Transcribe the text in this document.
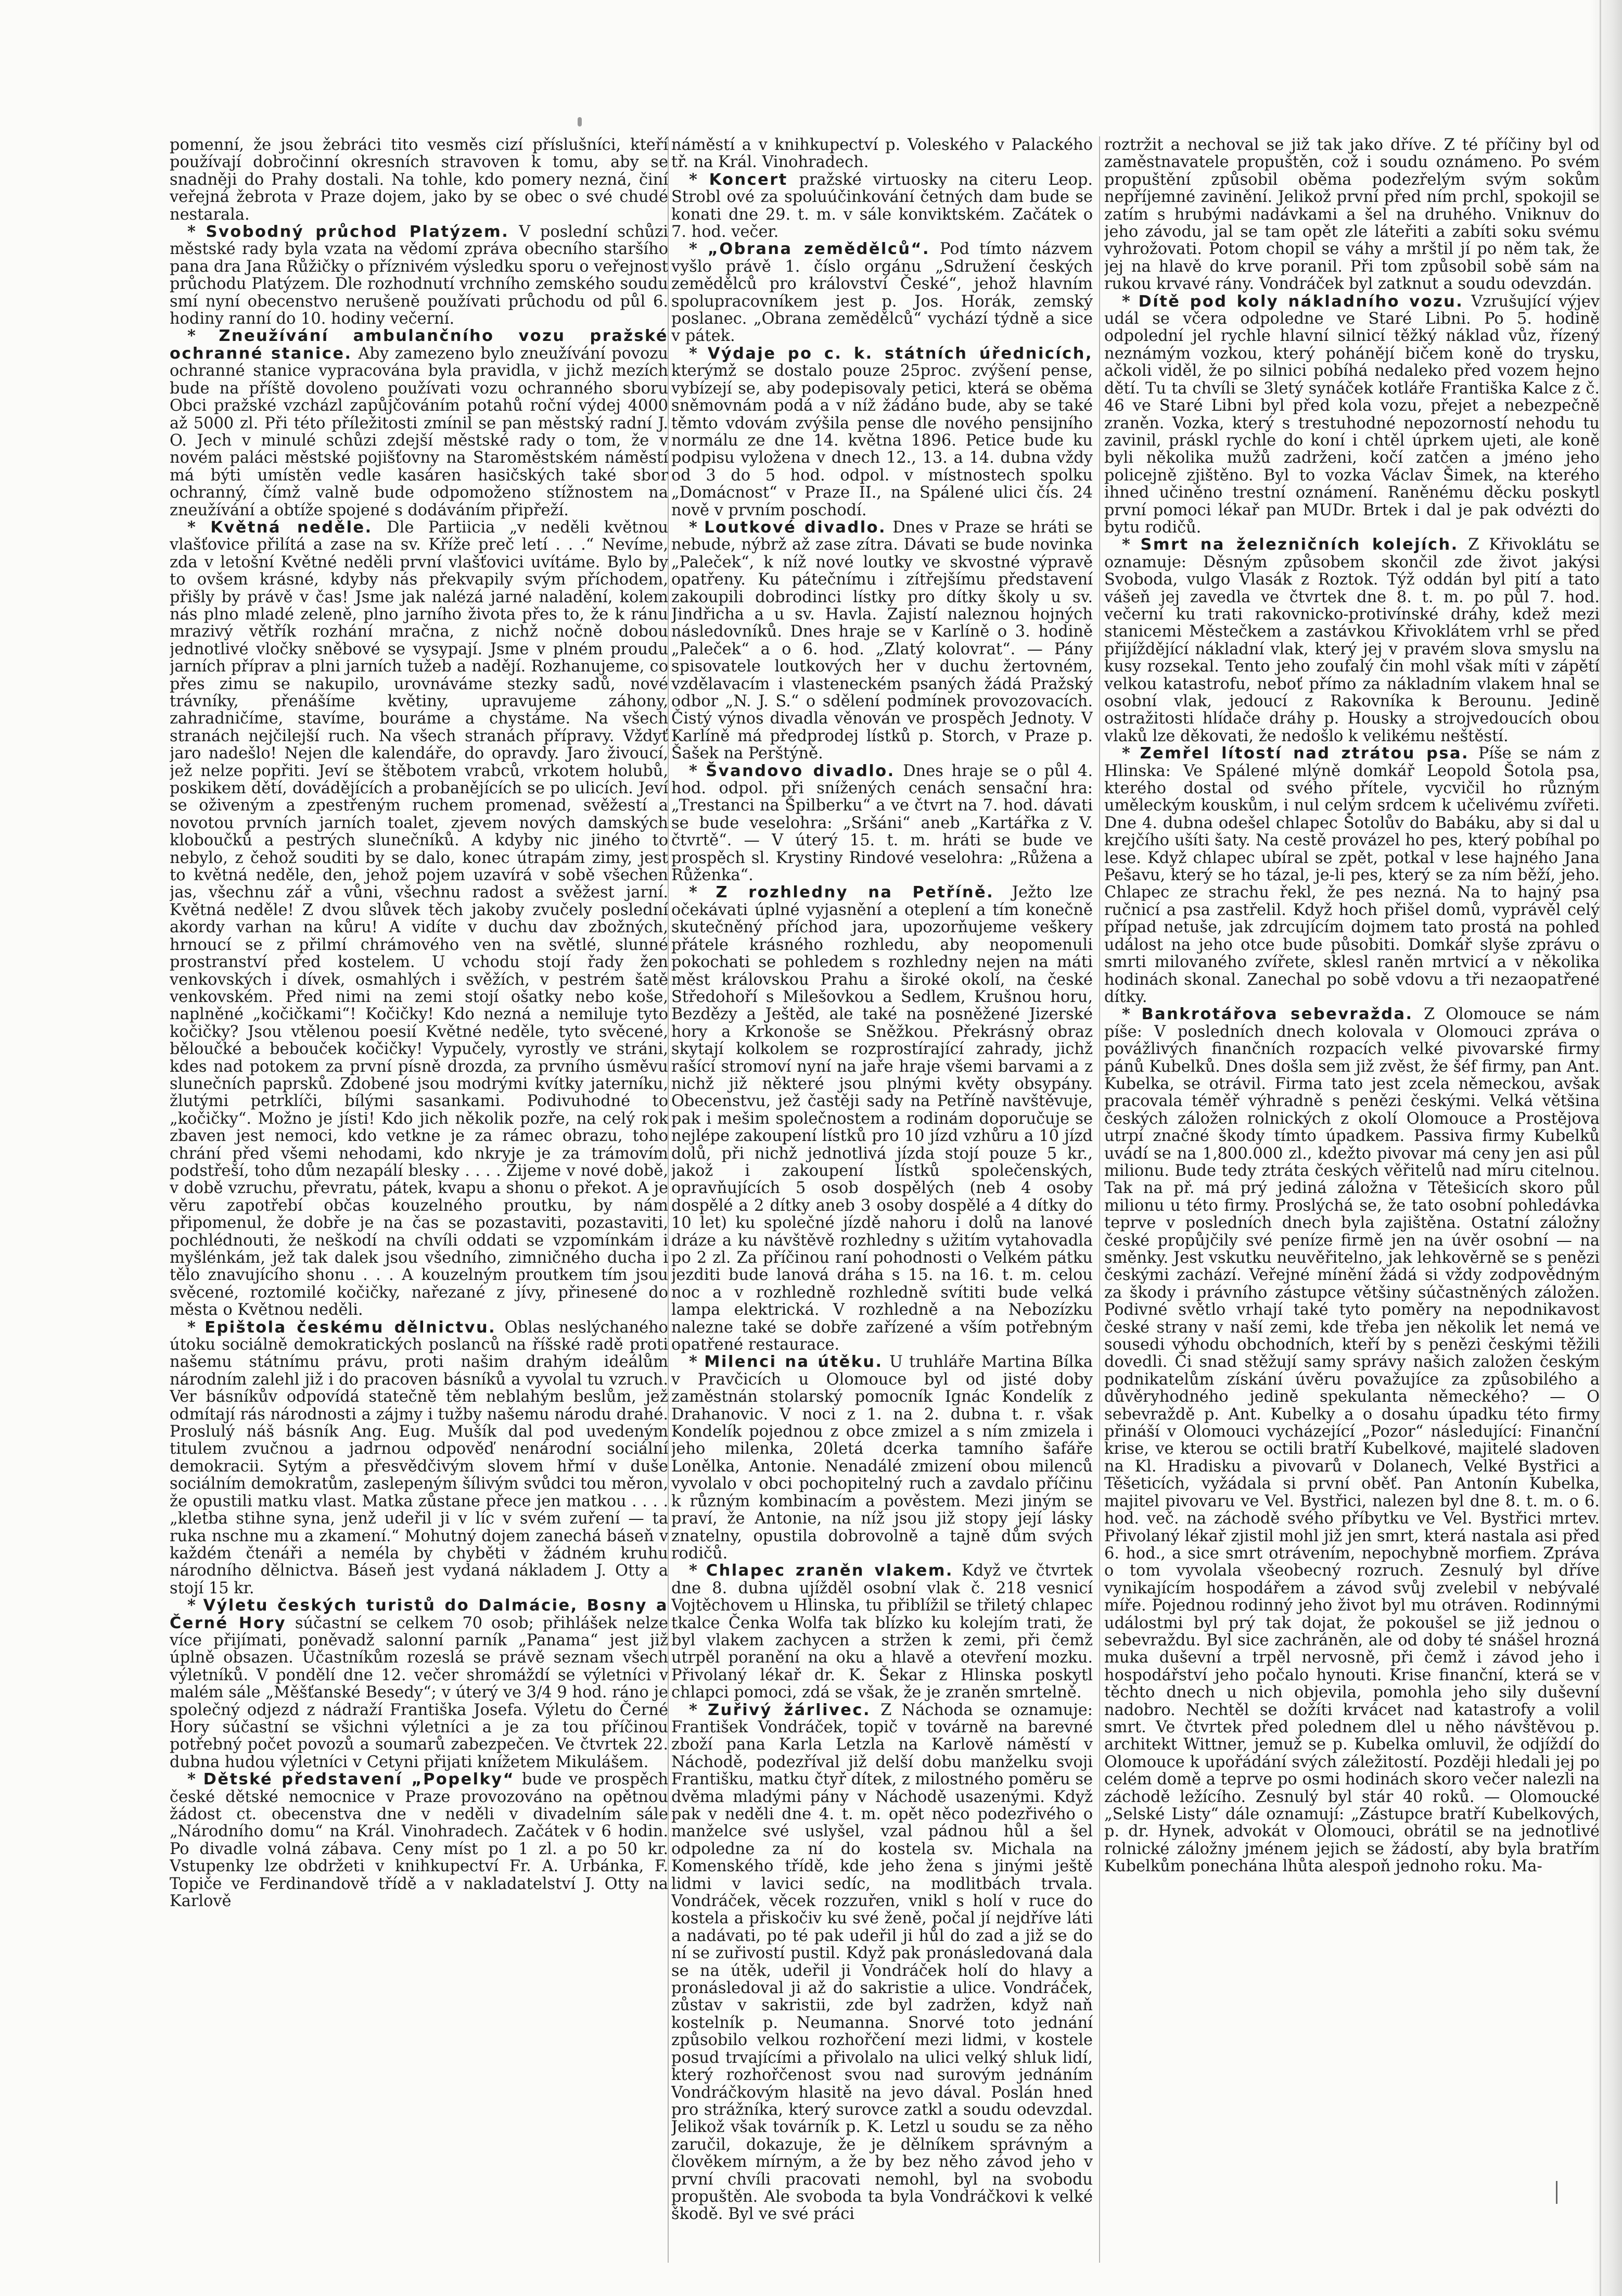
pomenní, že jsou žebráci tito vesměs cizí příslušníci, kteří používají dobročinní okresních stravoven k tomu, aby se snadněji do Prahy dostali. Na tohle, kdo pomery nezná, činí veřejná žebrota v Praze dojem, jako by se obec o své chudé nestarala.

* Svobodný průchod Platýzem. V poslední schůzi městské rady byla vzata na vědomí zpráva obecního staršího pana dra Jana Růžičky o příznivém výsledku sporu o veřejnost průchodu Platýzem. Dle rozhodnutí vrchního zemského soudu smí nyní obecenstvo nerušeně používati průchodu od půl 6. hodiny ranní do 10. hodiny večerní.

* Zneužívání ambulančního vozu pražské ochranné stanice. Aby zamezeno bylo zneužívání povozu ochranné stanice vypracována byla pravidla, v jichž mezích bude na příště dovoleno používati vozu ochranného sboru Obci pražské vzcházl zapůjčováním potahů roční výdej 4000 až 5000 zl. Při této příležitosti zmínil se pan městský radní J. O. Jech v minulé schůzi zdejší městské rady o tom, že v novém paláci městské pojišťovny na Staroměstském náměstí má býti umístěn vedle kasáren hasičských také sbor ochranný, čímž valně bude odpomoženo stížnostem na zneužívání a obtíže spojené s dodáváním připřeží.

* Květná neděle. Dle Partiicia „v neděli květnou vlašťovice přilítá a zase na sv. Kříže preč letí . . .“ Nevíme, zda v letošní Květné neděli první vlašťovici uvítáme. Bylo by to ovšem krásné, kdyby nás překvapily svým příchodem, přišly by právě v čas! Jsme jak nalézá jarné naladění, kolem nás plno mladé zeleně, plno jarního života přes to, že k ránu mrazivý větřík rozhání mračna, z nichž nočně dobou jednotlivé vločky sněbové se vysypají. Jsme v plném proudu jarních příprav a plni jarních tužeb a nadějí. Rozhanujeme, co přes zimu se nakupilo, urovnáváme stezky sadů, nové trávníky, přenášíme květiny, upravujeme záhony, zahradničíme, stavíme, bouráme a chystáme. Na všech stranách nejčilejší ruch. Na všech stranách přípravy. Vždyť jaro nadešlo! Nejen dle kalendáře, do opravdy. Jaro živoucí, jež nelze popřiti. Jeví se štěbotem vrabců, vrkotem holubů, poskikem dětí, dovádějících a probanějících se po ulicích. Jeví se oživeným a zpestřeným ruchem promenad, svěžestí a novotou prvních jarních toalet, zjevem nových damských kloboučků a pestrých slunečníků. A kdyby nic jiného to nebylo, z čehož souditi by se dalo, konec útrapám zimy, jest to květná neděle, den, jehož pojem uzavírá v sobě všechen jas, všechnu zář a vůni, všechnu radost a svěžest jarní. Květná neděle! Z dvou slůvek těch jakoby zvučely poslední akordy varhan na kůru! A vidíte v duchu dav zbožných, hrnoucí se z přilmí chrámového ven na světlé, slunné prostranství před kostelem. U vchodu stojí řady žen venkovských i dívek, osmahlých i svěžích, v pestrém šatě venkovském. Před nimi na zemi stojí ošatky nebo koše, naplněné „kočičkami“! Kočičky! Kdo nezná a nemiluje tyto kočičky? Jsou vtělenou poesií Květné neděle, tyto svěcené, běloučké a bebouček kočičky! Vypučely, vyrostly ve stráni, kdes nad potokem za první písně drozda, za prvního úsměvu slunečních paprsků. Zdobené jsou modrými kvítky jaterníku, žlutými petrklíči, bílými sasankami. Podivuhodné to „kočičky“. Možno je jísti! Kdo jich několik pozře, na celý rok zbaven jest nemoci, kdo vetkne je za rámec obrazu, toho chrání před všemi nehodami, kdo nkryje je za trámovím podstřeší, toho dům nezapálí blesky . . . . Žijeme v nové době, v době vzruchu, převratu, pátek, kvapu a shonu o překot. A je věru zapotřebí občas kouzelného proutku, by nám připomenul, že dobře je na čas se pozastaviti, pozastaviti, pochlédnouti, že neškodí na chvíli oddati se vzpomínkám i myšlénkám, jež tak dalek jsou všedního, zimničného ducha i tělo znavujícího shonu . . . A kouzelným proutkem tím jsou svěcené, roztomilé kočičky, nařezané z jívy, přinesené do města o Květnou neděli.

* Epištola českému dělnictvu. Oblas neslýchaného útoku sociálně demokratických poslanců na říšské radě proti našemu státnímu právu, proti našim drahým ideálům národním zalehl již i do pracoven básníků a vyvolal tu vzruch. Ver básníkův odpovídá statečně těm neblahým beslům, jež odmítají rás národnosti a zájmy i tužby našemu národu drahé. Proslulý náš básník Ang. Eug. Mušík dal pod uvedeným titulem zvučnou a jadrnou odpověď nenárodní sociální demokracii. Sytým a přesvědčivým slovem hřmí v duše sociálním demokratům, zaslepeným šílivým svůdci tou měron, že opustili matku vlast. Matka zůstane přece jen matkou . . . . „kletba stihne syna, jenž udeřil ji v líc v svém zuření — ta ruka nschne mu a zkamení.“ Mohutný dojem zanechá báseň v každém čtenáři a neméla by chyběti v žádném kruhu národního dělnictva. Báseň jest vydaná nákladem J. Otty a stojí 15 kr.

* Výletu českých turistů do Dalmácie, Bosny a Černé Hory súčastní se celkem 70 osob; přihlášek nelze více přijímati, poněvadž salonní parník „Panama“ jest již úplně obsazen. Účastníkům rozeslá se právě seznam všech výletníků. V pondělí dne 12. večer shromáždí se výletníci v malém sále „Měšťanské Besedy“; v úterý ve 3/4 9 hod. ráno je společný odjezd z nádraží Františka Josefa. Výletu do Černé Hory súčastní se všichni výletníci a je za tou příčinou potřebný počet povozů a soumarů zabezpečen. Ve čtvrtek 22. dubna hudou výletníci v Cetyni přijati knížetem Mikulášem.

* Dětské představení „Popelky“ bude ve prospěch české dětské nemocnice v Praze provozováno na opětnou žádost ct. obecenstva dne v neděli v divadelním sále „Národního domu“ na Král. Vinohradech. Začátek v 6 hodin. Po divadle volná zábava. Ceny míst po 1 zl. a po 50 kr. Vstupenky lze obdržeti v knihkupectví Fr. A. Urbánka, F. Topiče ve Ferdinandově třídě a v nakladatelství J. Otty na Karlově

náměstí a v knihkupectví p. Voleského v Palackého tř. na Král. Vinohradech.

* Koncert pražské virtuosky na citeru Leop. Strobl ové za spoluúčinkování četných dam bude se konati dne 29. t. m. v sále konviktském. Začátek o 7. hod. večer.

* „Obrana zemědělců“. Pod tímto názvem vyšlo právě 1. číslo orgánu „Sdružení českých zemědělců pro království České“, jehož hlavním spolupracovníkem jest p. Jos. Horák, zemský poslanec. „Obrana zemědělců“ vychází týdně a sice v pátek.

* Výdaje po c. k. státních úřednicích, kterýmž se dostalo pouze 25proc. zvýšení pense, vybízejí se, aby podepisovaly petici, která se oběma sněmovnám podá a v níž žádáno bude, aby se také těmto vdovám zvýšila pense dle nového pensijního normálu ze dne 14. května 1896. Petice bude ku podpisu vyložena v dnech 12., 13. a 14. dubna vždy od 3 do 5 hod. odpol. v místnostech spolku „Domácnost“ v Praze II., na Spálené ulici čís. 24 nově v prvním poschodí.

* Loutkové divadlo. Dnes v Praze se hráti se nebude, nýbrž až zase zítra. Dávati se bude novinka „Paleček“, k níž nové loutky ve skvostné výpravě opatřeny. Ku pátečnímu i zítřejšímu představení zakoupili dobrodinci lístky pro dítky školy u sv. Jindřicha a u sv. Havla. Zajistí naleznou hojných následovníků. Dnes hraje se v Karlíně o 3. hodině „Paleček“ a o 6. hod. „Zlatý kolovrat“. — Pány spisovatele loutkových her v duchu žertovném, vzdělavacím i vlasteneckém psaných žádá Pražský odbor „N. J. S.“ o sdělení podmínek provozovacích. Čistý výnos divadla věnován ve prospěch Jednoty. V Karlíně má předprodej lístků p. Storch, v Praze p. Šašek na Perštýně.

* Švandovo divadlo. Dnes hraje se o půl 4. hod. odpol. při snížených cenách sensační hra: „Trestanci na Špilberku“ a ve čtvrt na 7. hod. dávati se bude veselohra: „Sršáni“ aneb „Kartářka z V. čtvrtě“. — V úterý 15. t. m. hráti se bude ve prospěch sl. Krystiny Rindové veselohra: „Růžena a Růženka“.

* Z rozhledny na Petříně. Ježto lze očekávati úplné vyjasnění a oteplení a tím konečně skutečněný příchod jara, upozorňujeme veškery přátele krásného rozhledu, aby neopomenuli pokochati se pohledem s rozhledny nejen na máti měst královskou Prahu a široké okolí, na české Středohoří s Milešovkou a Sedlem, Krušnou horu, Bezdězy a Ještěd, ale také na posněžené Jizerské hory a Krkonoše se Sněžkou. Překrásný obraz skytají kolkolem se rozprostírající zahrady, jichž rašící stromoví nyní na jaře hraje všemi barvami a z nichž již některé jsou plnými květy obsypány. Obecenstvu, jež častěji sady na Petříně navštěvuje, pak i mešim společnostem a rodinám doporučuje se nejlépe zakoupení lístků pro 10 jízd vzhůru a 10 jízd dolů, při nichž jednotlivá jízda stojí pouze 5 kr., jakož i zakoupení lístků společenských, opravňujících 5 osob dospělých (neb 4 osoby dospělé a 2 dítky aneb 3 osoby dospělé a 4 dítky do 10 let) ku společné jízdě nahoru i dolů na lanové dráze a ku návštěvě rozhledny s užitím vytahovadla po 2 zl. Za příčinou raní pohodnosti o Velkém pátku jezditi bude lanová dráha s 15. na 16. t. m. celou noc a v rozhledně rozhledně svítiti bude velká lampa elektrická. V rozhledně a na Nebozízku nalezne také se dobře zařízené a vším potřebným opatřené restaurace.

* Milenci na útěku. U truhláře Martina Bílka v Pravčicích u Olomouce byl od jisté doby zaměstnán stolarský pomocník Ignác Kondelík z Drahanovic. V noci z 1. na 2. dubna t. r. však Kondelík pojednou z obce zmizel a s ním zmizela i jeho milenka, 20letá dcerka tamního šafáře Lonělka, Antonie. Nenadálé zmizení obou milenců vyvolalo v obci pochopitelný ruch a zavdalo příčinu k různým kombinacím a pověstem. Mezi jiným se praví, že Antonie, na níž jsou již stopy její lásky znatelny, opustila dobrovolně a tajně dům svých rodičů.

* Chlapec zraněn vlakem. Když ve čtvrtek dne 8. dubna ujížděl osobní vlak č. 218 vesnicí Vojtěchovem u Hlinska, tu přiblížil se třiletý chlapec tkalce Čenka Wolfa tak blízko ku kolejím trati, že byl vlakem zachycen a stržen k zemi, při čemž utrpěl poranění na oku a hlavě a otevření mozku. Přivolaný lékař dr. K. Šekar z Hlinska poskytl chlapci pomoci, zdá se však, že je zraněn smrtelně.

* Zuřivý žárlivec. Z Náchoda se oznamuje: František Vondráček, topič v továrně na barevné zboží pana Karla Letzla na Karlově náměstí v Náchodě, podezříval již delší dobu manželku svoji Františku, matku čtyř dítek, z milostného poměru se dvěma mladými pány v Náchodě usazenými. Když pak v neděli dne 4. t. m. opět něco podezřivého o manželce své uslyšel, vzal pádnou hůl a šel odpoledne za ní do kostela sv. Michala na Komenského třídě, kde jeho žena s jinými ještě lidmi v lavici sedíc, na modlitbách trvala. Vondráček, věcek rozzuřen, vnikl s holí v ruce do kostela a přiskočiv ku své ženě, počal jí nejdříve láti a nadávati, po té pak udeřil ji hůl do zad a již se do ní se zuřivostí pustil. Když pak pronásledovaná dala se na útěk, udeřil ji Vondráček holí do hlavy a pronásledoval ji až do sakristie a ulice. Vondráček, zůstav v sakristii, zde byl zadržen, když naň kostelník p. Neumanna. Snorvé toto jednání způsobilo velkou rozhořčení mezi lidmi, v kostele posud trvajícími a přivolalo na ulici velký shluk lidí, který rozhořčenost svou nad surovým jednáním Vondráčkovým hlasitě na jevo dával. Poslán hned pro strážníka, který surovce zatkl a soudu odevzdal. Jelikož však továrník p. K. Letzl u soudu se za něho zaručil, dokazuje, že je dělníkem správným a člověkem mírným, a že by bez něho závod jeho v první chvíli pracovati nemohl, byl na svobodu propuštěn. Ale svoboda ta byla Vondráčkovi k velké škodě. Byl ve své práci

roztržit a nechoval se již tak jako dříve. Z té příčiny byl od zaměstnavatele propuštěn, což i soudu oznámeno. Po svém propuštění způsobil oběma podezřelým svým sokům nepříjemné zavinění. Jelikož první před ním prchl, spokojil se zatím s hrubými nadávkami a šel na druhého. Vniknuv do jeho závodu, jal se tam opět zle láteřiti a zabíti soku svému vyhrožovati. Potom chopil se váhy a mrštil jí po něm tak, že jej na hlavě do krve poranil. Při tom způsobil sobě sám na rukou krvavé rány. Vondráček byl zatknut a soudu odevzdán.

* Dítě pod koly nákladního vozu. Vzrušující výjev udál se včera odpoledne ve Staré Libni. Po 5. hodině odpolední jel rychle hlavní silnicí těžký náklad vůz, řízený neznámým vozkou, který pohánějí bičem koně do trysku, ačkoli viděl, že po silnici pobíhá nedaleko před vozem hejno dětí. Tu ta chvíli se 3letý synáček kotláře Františka Kalce z č. 46 ve Staré Libni byl před kola vozu, přejet a nebezpečně zraněn. Vozka, který s trestuhodné nepozorností nehodu tu zavinil, práskl rychle do koní i chtěl úprkem ujeti, ale koně byli několika mužů zadrženi, kočí zatčen a jméno jeho policejně zjištěno. Byl to vozka Václav Šimek, na kterého ihned učiněno trestní oznámení. Raněnému děcku poskytl první pomoci lékař pan MUDr. Brtek i dal je pak odvézti do bytu rodičů.

* Smrt na železničních kolejích. Z Křivoklátu se oznamuje: Děsným způsobem skončil zde život jakýsi Svoboda, vulgo Vlasák z Roztok. Týž oddán byl pití a tato vášeň jej zavedla ve čtvrtek dne 8. t. m. po půl 7. hod. večerní ku trati rakovnicko-protivínské dráhy, kdež mezi stanicemi Městečkem a zastávkou Křivoklátem vrhl se před přijíždějící nákladní vlak, který jej v pravém slova smyslu na kusy rozsekal. Tento jeho zoufalý čin mohl však míti v zápětí velkou katastrofu, neboť přímo za nákladním vlakem hnal se osobní vlak, jedoucí z Rakovníka k Berounu. Jedině ostražitosti hlídače dráhy p. Housky a strojvedoucích obou vlaků lze děkovati, že nedošlo k velikému neštěstí.

* Zemřel lítostí nad ztrátou psa. Píše se nám z Hlinska: Ve Spálené mlýně domkář Leopold Šotola psa, kterého dostal od svého přítele, vycvičil ho různým uměleckým kouskům, i nul celým srdcem k učelivému zvířeti. Dne 4. dubna odešel chlapec Šotolův do Babáku, aby si dal u krejčího ušíti šaty. Na cestě provázel ho pes, který pobíhal po lese. Když chlapec ubíral se zpět, potkal v lese hajného Jana Pešavu, který se ho tázal, je-li pes, který se za ním běží, jeho. Chlapec ze strachu řekl, že pes nezná. Na to hajný psa ručnicí a psa zastřelil. Když hoch přišel domů, vyprávěl celý případ netuše, jak zdrcujícím dojmem tato prostá na pohled událost na jeho otce bude působiti. Domkář slyše zprávu o smrti milovaného zvířete, sklesl raněn mrtvicí a v několika hodinách skonal. Zanechal po sobě vdovu a tři nezaopatřené dítky.

* Bankrotářova sebevražda. Z Olomouce se nám píše: V posledních dnech kolovala v Olomouci zpráva o povážlivých finančních rozpacích velké pivovarské firmy pánů Kubelků. Dnes došla sem již zvěst, že šéf firmy, pan Ant. Kubelka, se otrávil. Firma tato jest zcela německou, avšak pracovala téměř výhradně s penězi českými. Velká většina českých záložen rolnických z okolí Olomouce a Prostějova utrpí značné škody tímto úpadkem. Passiva firmy Kubelků uvádí se na 1,800.000 zl., kdežto pivovar má ceny jen asi půl milionu. Bude tedy ztráta českých věřitelů nad míru citelnou. Tak na př. má prý jediná záložna v Tětešicích skoro půl milionu u této firmy. Proslýchá se, že tato osobní pohledávka teprve v posledních dnech byla zajištěna. Ostatní záložny české propůjčily své peníze firmě jen na úvěr osobní — na směnky. Jest vskutku neuvěřitelno, jak lehkověrně se s penězi českými zachází. Veřejné mínění žádá si vždy zodpovědným za škody i právního zástupce většiny súčastněných záložen. Podivné světlo vrhají také tyto poměry na nepodnikavost české strany v naší zemi, kde třeba jen několik let nemá ve sousedi výhodu obchodních, kteří by s penězi českými těžili dovedli. Či snad stěžují samy správy našich založen českým podnikatelům získání úvěru považujíce za způsobilého a důvěryhodného jedině spekulanta německého? — O sebevraždě p. Ant. Kubelky a o dosahu úpadku této firmy přináší v Olomouci vycházející „Pozor“ následující: Finanční krise, ve kterou se octili bratří Kubelkové, majitelé sladoven na Kl. Hradisku a pivovarů v Dolanech, Velké Bystřici a Těšeticích, vyžádala si první oběť. Pan Antonín Kubelka, majitel pivovaru ve Vel. Bystřici, nalezen byl dne 8. t. m. o 6. hod. več. na záchodě svého příbytku ve Vel. Bystřici mrtev. Přivolaný lékař zjistil mohl již jen smrt, která nastala asi před 6. hod., a sice smrt otrávením, nepochybně morfiem. Zpráva o tom vyvolala všeobecný rozruch. Zesnulý byl dříve vynikajícím hospodářem a závod svůj zvelebil v nebývalé míře. Pojednou rodinný jeho život byl mu otráven. Rodinnými událostmi byl prý tak dojat, že pokoušel se již jednou o sebevraždu. Byl sice zachráněn, ale od doby té snášel hrozná muka duševní a trpěl nervosně, při čemž i závod jeho i hospodářství jeho počalo hynouti. Krise finanční, která se v těchto dnech u nich objevila, pomohla jeho sily duševní nadobro. Nechtěl se dožíti krvácet nad katastrofy a volil smrt. Ve čtvrtek před polednem dlel u něho návštěvou p. architekt Wittner, jemuž se p. Kubelka omluvil, že odjíždí do Olomouce k upořádání svých záležitostí. Později hledali jej po celém domě a teprve po osmi hodinách skoro večer nalezli na záchodě ležícího. Zesnulý byl stár 40 roků. — Olomoucké „Selské Listy“ dále oznamují: „Zástupce bratří Kubelkových, p. dr. Hynek, advokát v Olomouci, obrátil se na jednotlivé rolnické záložny jménem jejich se žádostí, aby byla bratřím Kubelkům ponechána lhůta alespoň jednoho roku. Ma-
